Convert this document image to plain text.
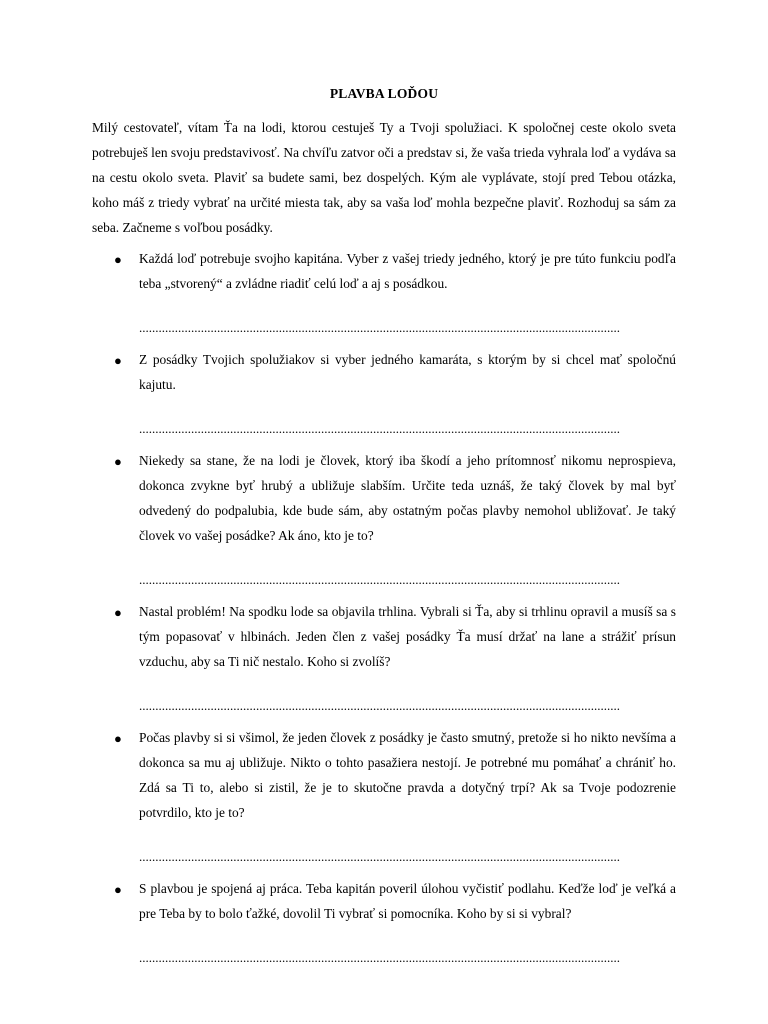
PLAVBA LOĎOU

Milý cestovateľ, vítam Ťa na lodi, ktorou cestuješ Ty a Tvoji spolužiaci. K spoločnej ceste okolo sveta potrebuješ len svoju predstavivosť. Na chvíľu zatvor oči a predstav si, že vaša trieda vyhrala loď a vydáva sa na cestu okolo sveta. Plaviť sa budete sami, bez dospelých. Kým ale vyplávate, stojí pred Tebou otázka, koho máš z triedy vybrať na určité miesta tak, aby sa vaša loď mohla bezpečne plaviť. Rozhoduj sa sám za seba. Začneme s voľbou posádky.

● Každá loď potrebuje svojho kapitána. Vyber z vašej triedy jedného, ktorý je pre túto funkciu podľa teba „stvorený“ a zvládne riadiť celú loď a aj s posádkou.

....................................................................................................................................................
● Z posádky Tvojich spolužiakov si vyber jedného kamaráta, s ktorým by si chcel mať spoločnú kajutu.

....................................................................................................................................................
● Niekedy sa stane, že na lodi je človek, ktorý iba škodí a jeho prítomnosť nikomu neprospieva, dokonca zvykne byť hrubý a ubližuje slabším. Určite teda uznáš, že taký človek by mal byť odvedený do podpalubia, kde bude sám, aby ostatným počas plavby nemohol ubližovať. Je taký človek vo vašej posádke? Ak áno, kto je to?

....................................................................................................................................................
● Nastal problém! Na spodku lode sa objavila trhlina. Vybrali si Ťa, aby si trhlinu opravil a musíš sa s tým popasovať v hlbinách. Jeden člen z vašej posádky Ťa musí držať na lane a strážiť prísun vzduchu, aby sa Ti nič nestalo. Koho si zvolíš?

....................................................................................................................................................
● Počas plavby si si všimol, že jeden človek z posádky je často smutný, pretože si ho nikto nevšíma a dokonca sa mu aj ubližuje. Nikto o tohto pasažiera nestojí. Je potrebné mu pomáhať a chrániť ho. Zdá sa Ti to, alebo si zistil, že je to skutočne pravda a dotyčný trpí? Ak sa Tvoje podozrenie potvrdilo, kto je to?

....................................................................................................................................................
● S plavbou je spojená aj práca. Teba kapitán poveril úlohou vyčistiť podlahu. Keďže loď je veľká a pre Teba by to bolo ťažké, dovolil Ti vybrať si pomocníka. Koho by si si vybral?

....................................................................................................................................................
